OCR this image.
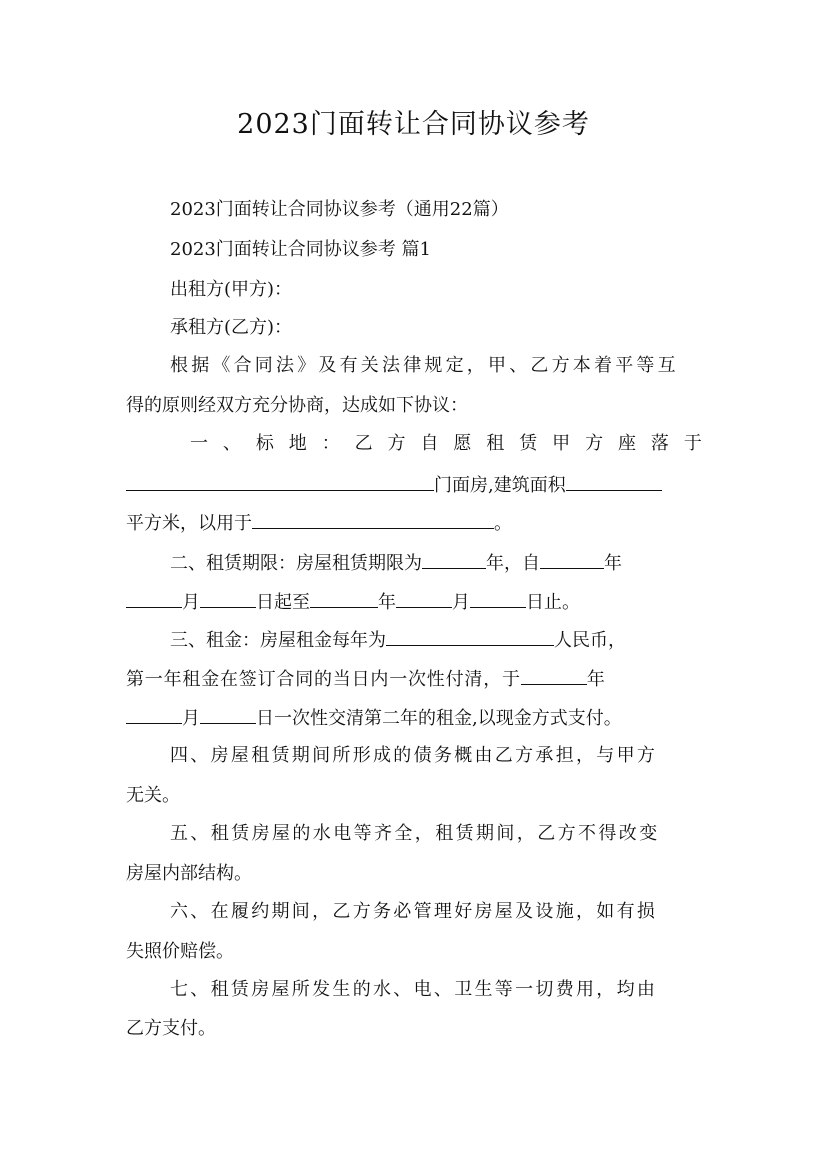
2023门面转让合同协议参考
2023门面转让合同协议参考（通用22篇）
2023门面转让合同协议参考 篇1
出租方(甲方)：
承租方(乙方)：
根据《合同法》及有关法律规定，甲、乙方本着平等互
得的原则经双方充分协商，达成如下协议：
一 、 标 地 ： 乙 方 自 愿 租 赁 甲 方 座 落 于
门面房,建筑面积
平方米，以用于	。
二、租赁期限：房屋租赁期限为	年，自	年
月	日起至	年	月	日止。
三、租金：房屋租金每年为	人民币，
第一年租金在签订合同的当日内一次性付清，于	年
月	日一次性交清第二年的租金,以现金方式支付。
四、房屋租赁期间所形成的债务概由乙方承担，与甲方
无关。
五、租赁房屋的水电等齐全，租赁期间，乙方不得改变
房屋内部结构。
六、在履约期间，乙方务必管理好房屋及设施，如有损
失照价赔偿。
七、租赁房屋所发生的水、电、卫生等一切费用，均由
乙方支付。
